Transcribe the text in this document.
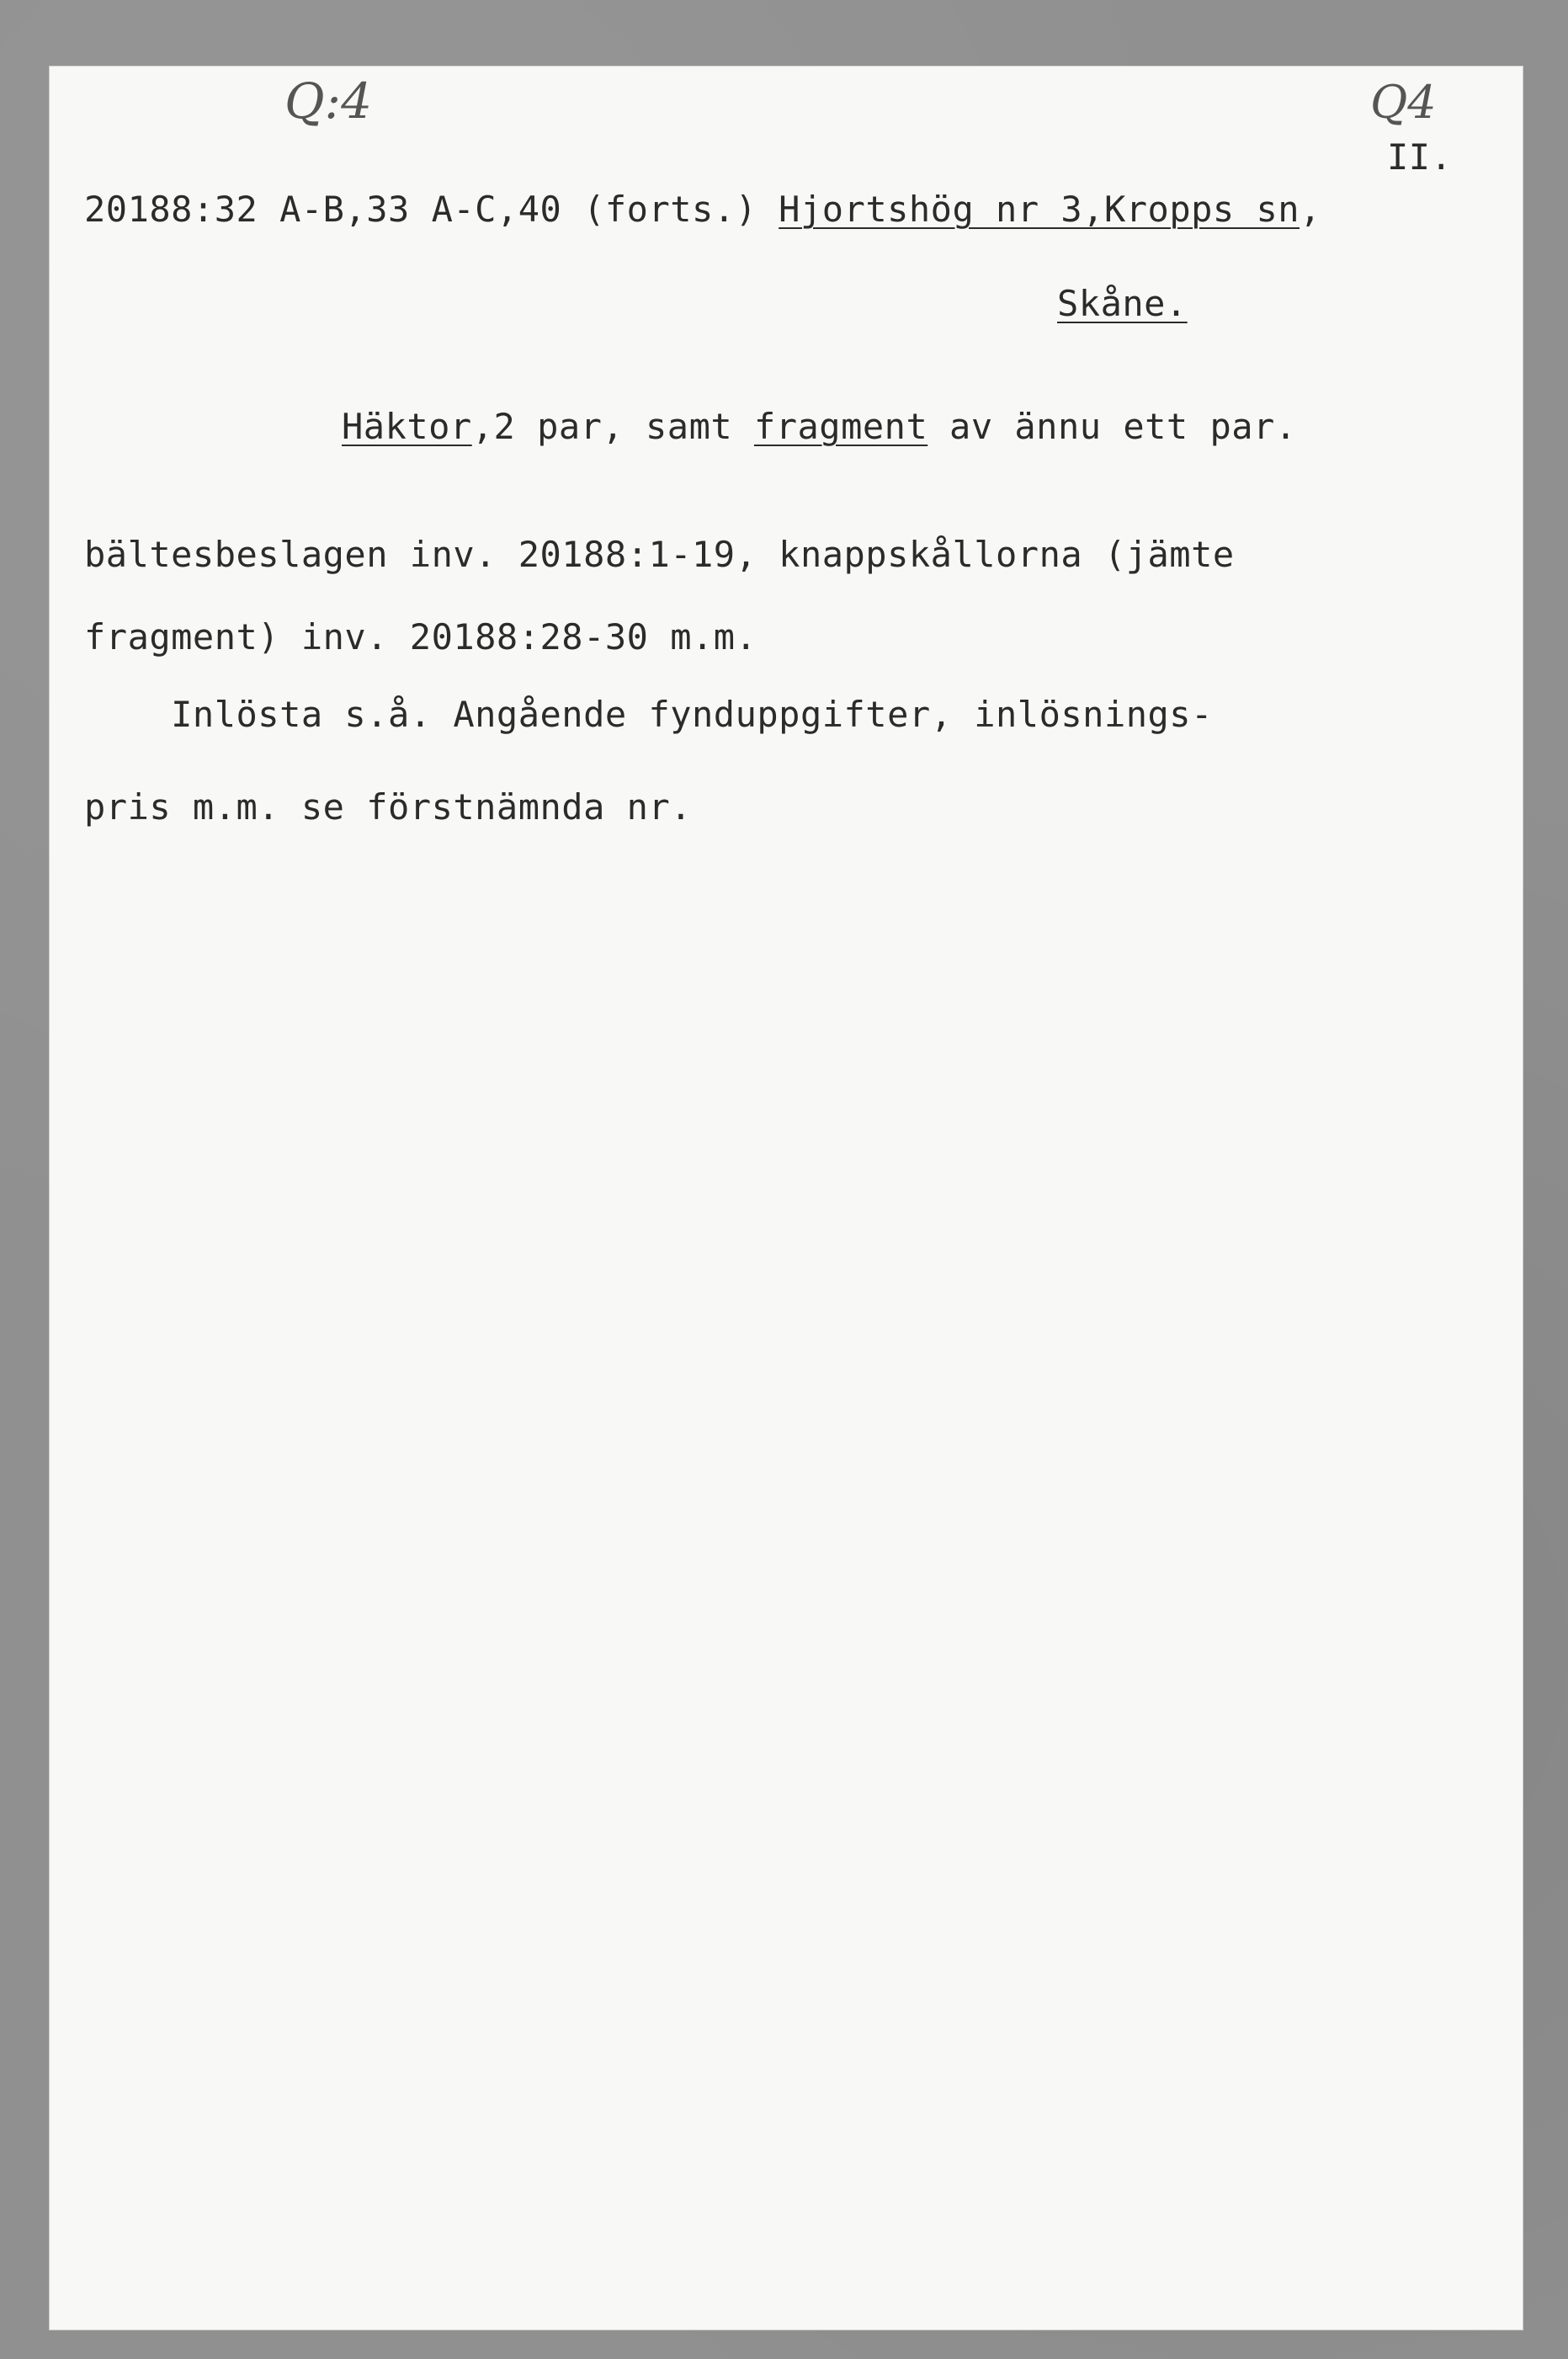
Q:4	Q4
II.
20188:32 A-B,33 A-C,40 (forts.) Hjortshög nr 3,Kropps sn,
Skåne.
Häktor,2 par, samt fragment av ännu ett par.
bältesbeslagen inv. 20188:1-19, knappskållorna (jämte
fragment) inv. 20188:28-30 m.m.
Inlösta s.å. Angående fynduppgifter, inlösnings-
pris m.m. se förstnämnda nr.
